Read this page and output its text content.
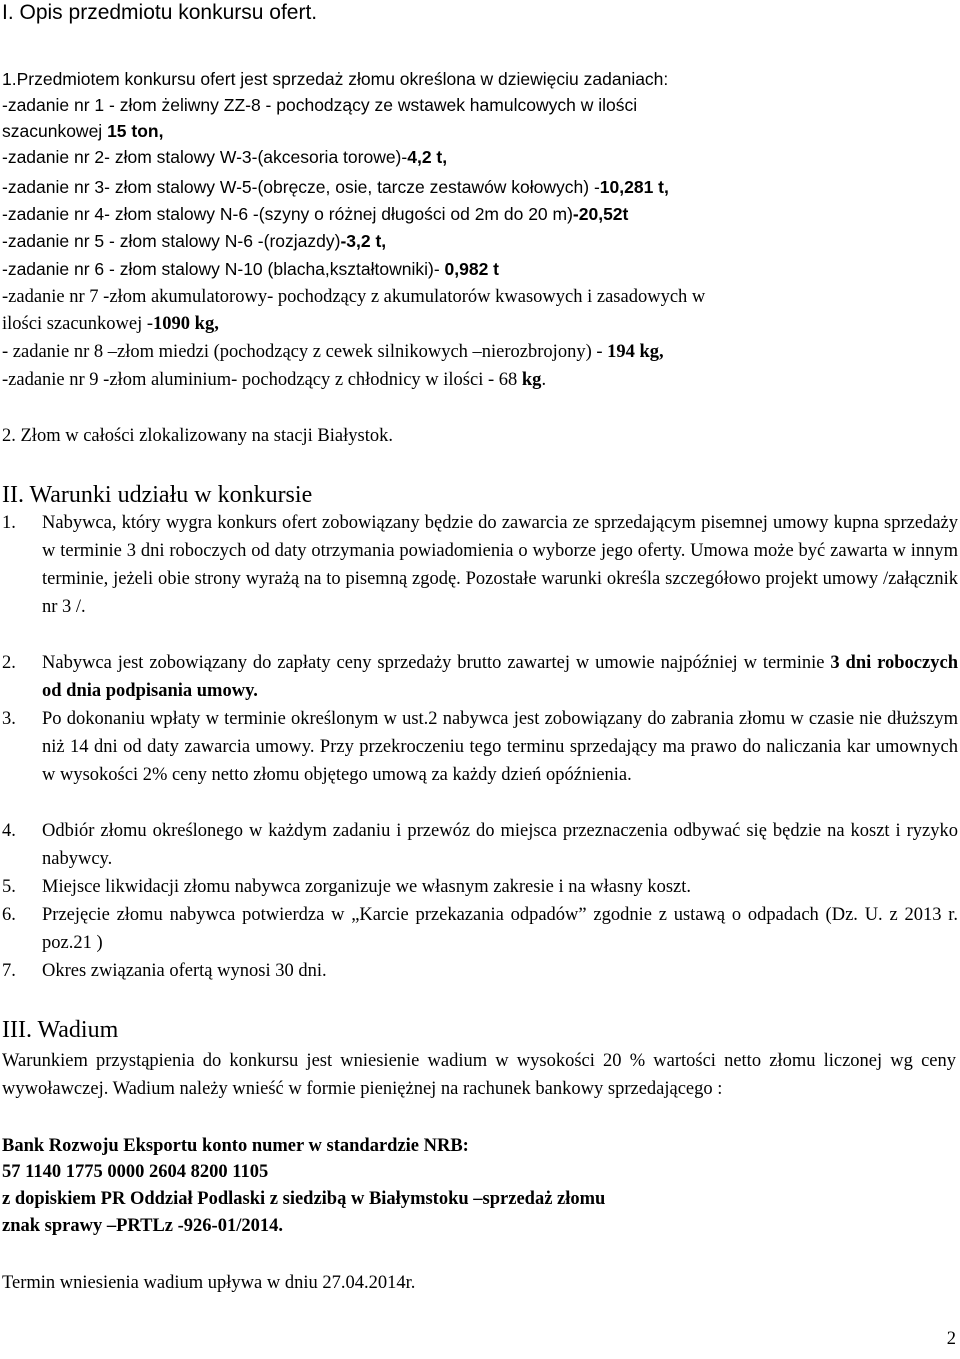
I. Opis przedmiotu konkursu ofert.
1.Przedmiotem konkursu ofert jest sprzedaż złomu określona w dziewięciu zadaniach:
-zadanie nr 1 - złom żeliwny ZZ-8 - pochodzący ze wstawek hamulcowych w ilości
szacunkowej 15 ton,
-zadanie nr 2- złom stalowy W-3-(akcesoria torowe)-4,2 t,
-zadanie nr 3- złom stalowy W-5-(obręcze, osie, tarcze zestawów kołowych) -10,281 t,
-zadanie nr 4- złom stalowy N-6 -(szyny o różnej długości od 2m do 20 m)-20,52t
-zadanie nr 5 - złom stalowy N-6 -(rozjazdy)-3,2 t,
-zadanie nr 6 - złom stalowy N-10 (blacha,kształtowniki)- 0,982 t
-zadanie nr 7 -złom akumulatorowy- pochodzący z akumulatorów kwasowych i zasadowych w
ilości szacunkowej -1090 kg,
- zadanie nr 8 –złom miedzi (pochodzący z cewek silnikowych –nierozbrojony) - 194 kg,
-zadanie nr 9 -złom aluminium- pochodzący z chłodnicy w ilości - 68 kg.
2. Złom w całości zlokalizowany na stacji Białystok.
II. Warunki udziału w konkursie
1.	Nabywca, który wygra konkurs ofert zobowiązany będzie do zawarcia ze sprzedającym pisemnej umowy kupna sprzedaży w terminie 3 dni roboczych od daty otrzymania powiadomienia o wyborze jego oferty. Umowa może być zawarta w innym terminie, jeżeli obie strony wyrażą na to pisemną zgodę. Pozostałe warunki określa szczegółowo projekt umowy /załącznik nr 3 /.
2.	Nabywca jest zobowiązany do zapłaty ceny sprzedaży brutto zawartej w umowie najpóźniej w terminie 3 dni roboczych od dnia podpisania umowy.
3.	Po dokonaniu wpłaty w terminie określonym w ust.2 nabywca jest zobowiązany do zabrania złomu w czasie nie dłuższym niż 14 dni od daty zawarcia umowy. Przy przekroczeniu tego terminu sprzedający ma prawo do naliczania kar umownych w wysokości 2% ceny netto złomu objętego umową za każdy dzień opóźnienia.
4.	Odbiór złomu określonego w każdym zadaniu i przewóz do miejsca przeznaczenia odbywać się będzie na koszt i ryzyko nabywcy.
5.	Miejsce likwidacji złomu nabywca zorganizuje we własnym zakresie i na własny koszt.
6.	Przejęcie złomu nabywca potwierdza w „Karcie przekazania odpadów” zgodnie z ustawą o odpadach (Dz. U. z 2013 r. poz.21 )
7.	Okres związania ofertą wynosi 30 dni.
III. Wadium
Warunkiem przystąpienia do konkursu jest wniesienie wadium w wysokości 20 % wartości netto złomu liczonej wg ceny wywoławczej. Wadium należy wnieść w formie pieniężnej na rachunek bankowy sprzedającego :
Bank Rozwoju Eksportu konto numer w standardzie NRB:
57 1140 1775 0000 2604 8200 1105
z dopiskiem PR Oddział Podlaski z siedzibą w Białymstoku –sprzedaż złomu
znak sprawy –PRTLz -926-01/2014.
Termin wniesienia wadium upływa w dniu 27.04.2014r.
2
